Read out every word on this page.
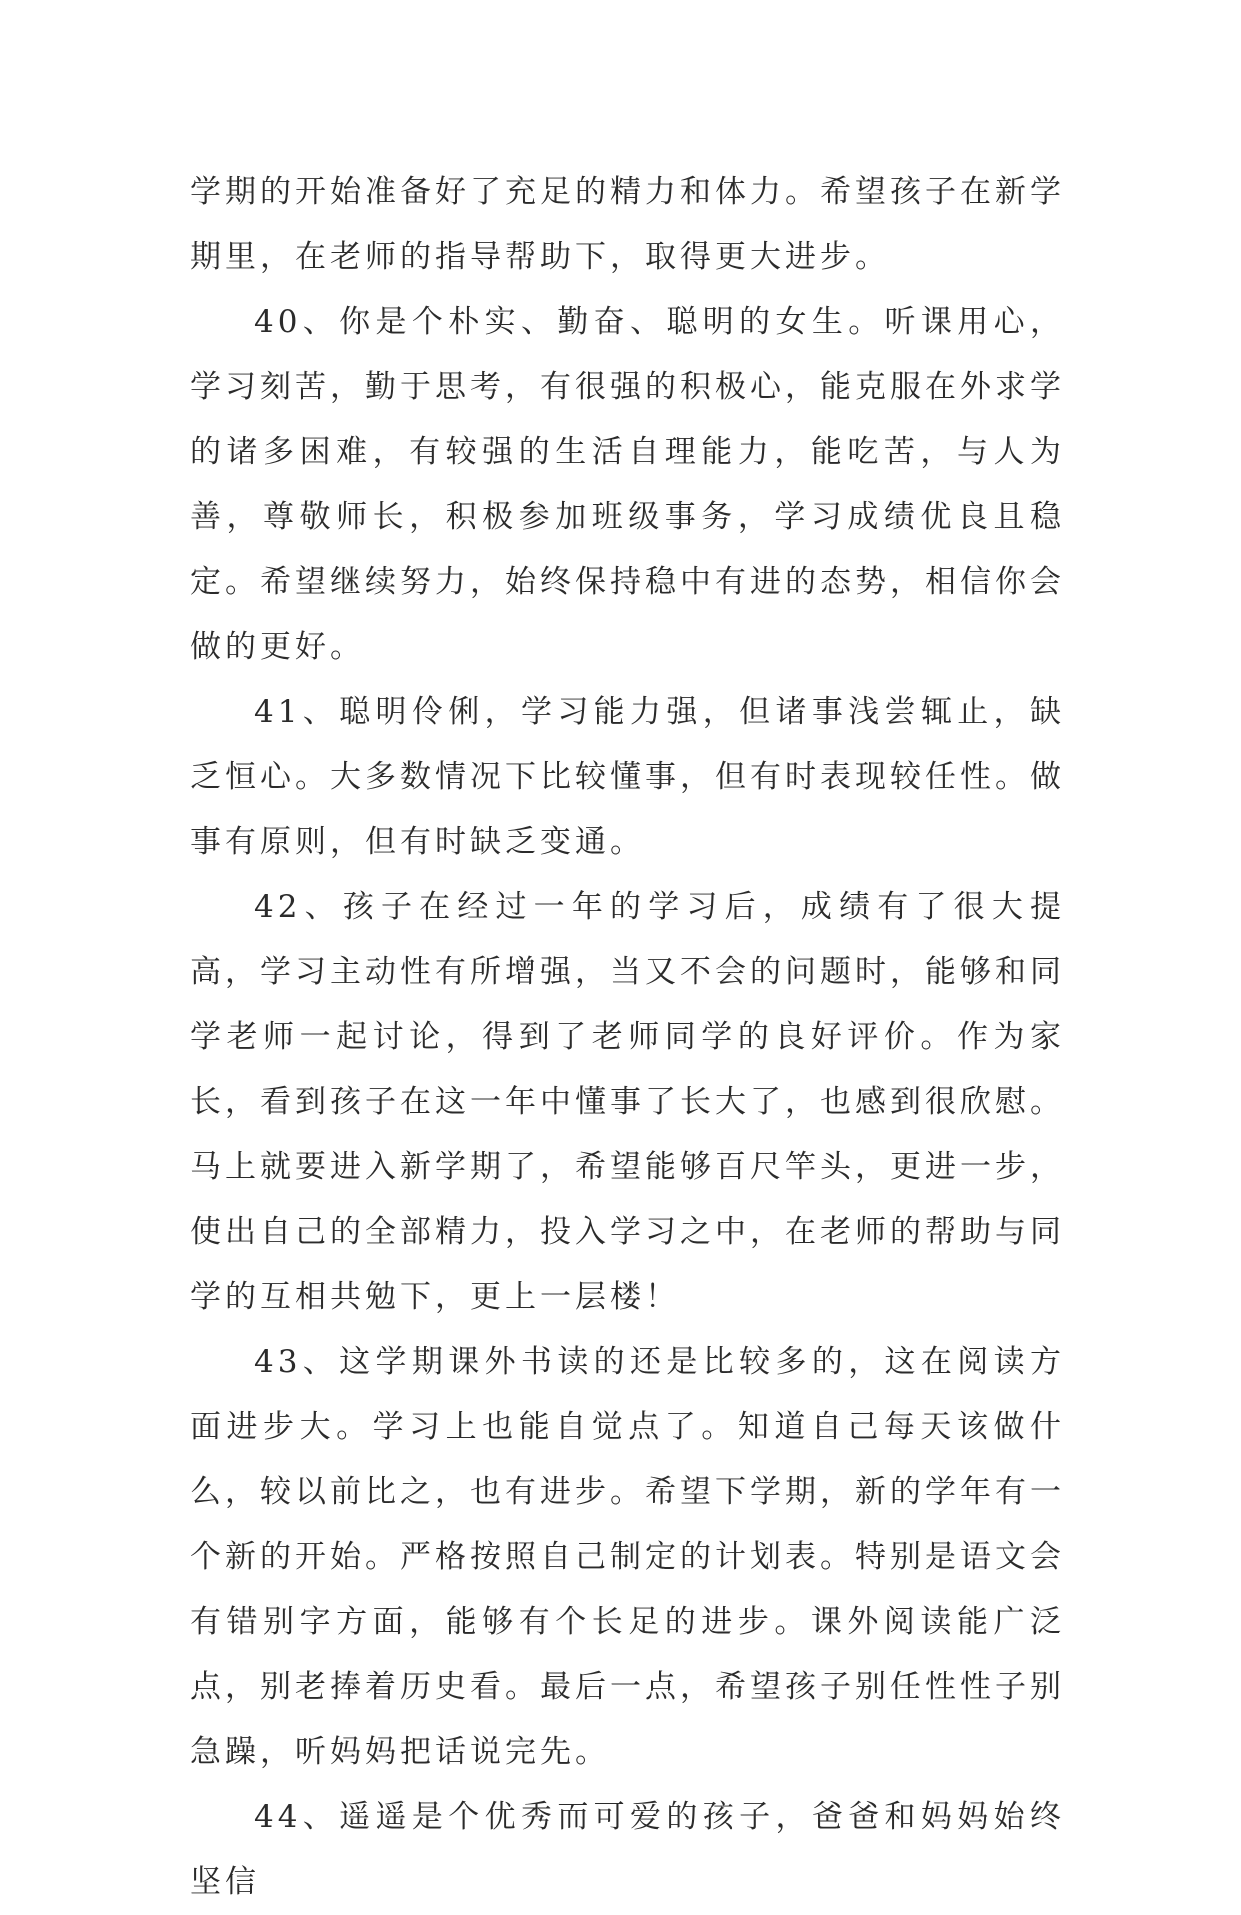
学期的开始准备好了充足的精力和体力。希望孩子在新学期里，在老师的指导帮助下，取得更大进步。

40、你是个朴实、勤奋、聪明的女生。听课用心，学习刻苦，勤于思考，有很强的积极心，能克服在外求学的诸多困难，有较强的生活自理能力，能吃苦，与人为善，尊敬师长，积极参加班级事务，学习成绩优良且稳定。希望继续努力，始终保持稳中有进的态势，相信你会做的更好。

41、聪明伶俐，学习能力强，但诸事浅尝辄止，缺乏恒心。大多数情况下比较懂事，但有时表现较任性。做事有原则，但有时缺乏变通。

42、孩子在经过一年的学习后，成绩有了很大提高，学习主动性有所增强，当又不会的问题时，能够和同学老师一起讨论，得到了老师同学的良好评价。作为家长，看到孩子在这一年中懂事了长大了，也感到很欣慰。马上就要进入新学期了，希望能够百尺竿头，更进一步，使出自己的全部精力，投入学习之中，在老师的帮助与同学的互相共勉下，更上一层楼！

43、这学期课外书读的还是比较多的，这在阅读方面进步大。学习上也能自觉点了。知道自己每天该做什么，较以前比之，也有进步。希望下学期，新的学年有一个新的开始。严格按照自己制定的计划表。特别是语文会有错别字方面，能够有个长足的进步。课外阅读能广泛点，别老捧着历史看。最后一点，希望孩子别任性性子别急躁，听妈妈把话说完先。

44、遥遥是个优秀而可爱的孩子，爸爸和妈妈始终坚信
